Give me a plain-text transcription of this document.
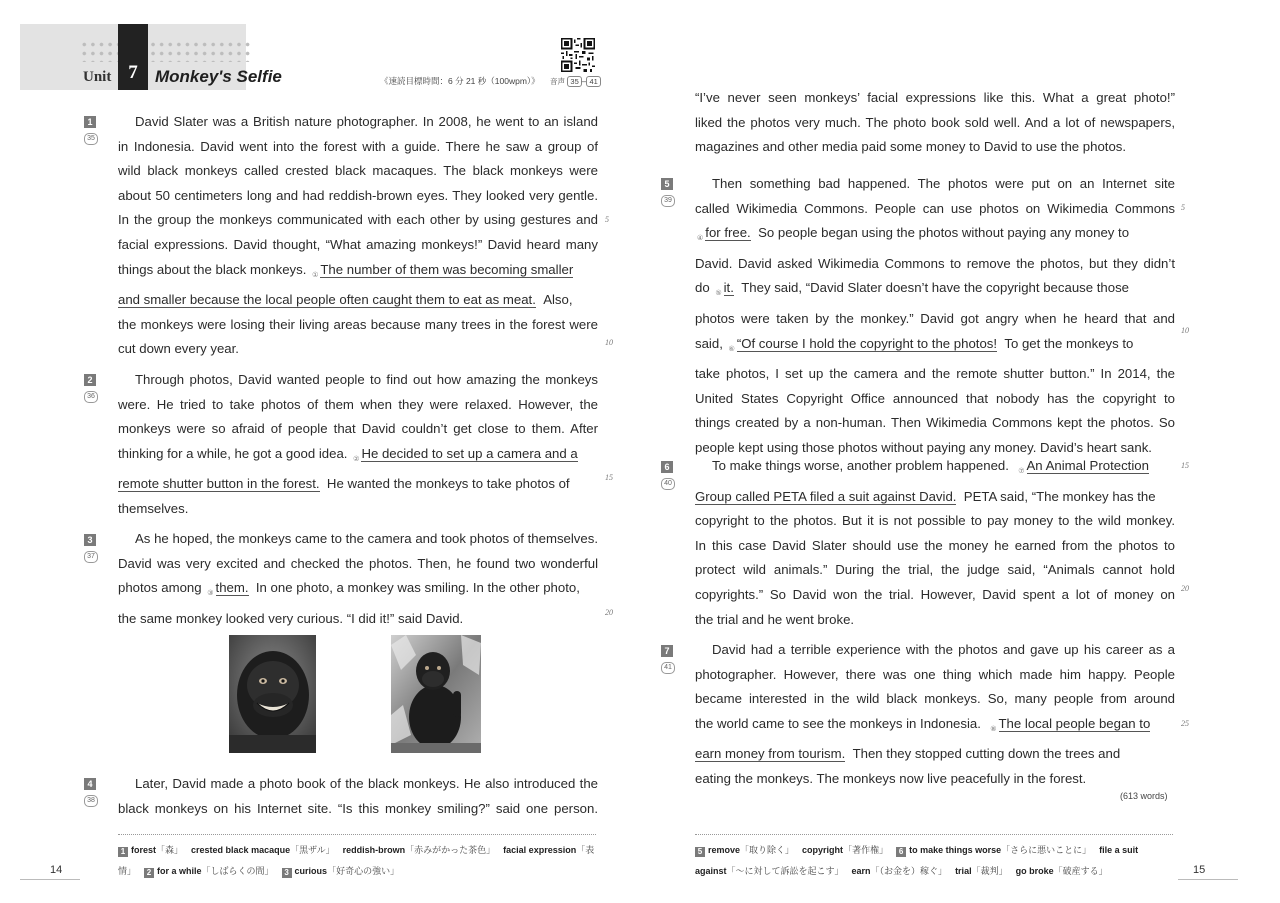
Unit 7	Monkey's Selfie	《速読目標時間：6 分 21 秒（100wpm）》 音声 35 – 41
1
35
David Slater was a British nature photographer. In 2008, he went to an island
in Indonesia. David went into the forest with a guide. There he saw a group of
wild black monkeys called crested black macaques. The black monkeys were
about 50 centimeters long and had reddish-brown eyes. They looked very gentle.
In the group the monkeys communicated with each other by using gestures and
facial expressions. David thought, “What amazing monkeys!” David heard many
things about the black monkeys. $_①$ The number of them was becoming smaller
and smaller because the local people often caught them to eat as meat. Also,
the monkeys were losing their living areas because many trees in the forest were
cut down every year.
5
10
2
36
Through photos, David wanted people to find out how amazing the monkeys
were. He tried to take photos of them when they were relaxed. However, the
monkeys were so afraid of people that David couldn’t get close to them. After
thinking for a while, he got a good idea. $_②$ He decided to set up a camera and a
remote shutter button in the forest. He wanted the monkeys to take photos of
themselves.
15
3
37
As he hoped, the monkeys came to the camera and took photos of themselves.
David was very excited and checked the photos. Then, he found two wonderful
photos among $_③$ them. In one photo, a monkey was smiling. In the other photo,
the same monkey looked very curious. “I did it!” said David.	20
4
38
Later, David made a photo book of the black monkeys. He also introduced the
black monkeys on his Internet site. “Is this monkey smiling?” said one person.
1 forest「森」 crested black macaque「黒ザル」 reddish-brown「赤みがかった茶色」 facial expression「表
情」 2 for a while「しばらくの間」 3 curious「好奇心の強い」
14
“I’ve never seen monkeys’ facial expressions like this. What a great photo!”
liked the photos very much. The photo book sold well. And a lot of newspapers,
magazines and other media paid some money to David to use the photos.
5
39
Then something bad happened. The photos were put on an Internet site
called Wikimedia Commons. People can use photos on Wikimedia Commons
$_④$ for free. So people began using the photos without paying any money to
David. David asked Wikimedia Commons to remove the photos, but they didn’t
do $_⑤$ it. They said, “David Slater doesn’t have the copyright because those
photos were taken by the monkey.” David got angry when he heard that and
said, $_⑥$ “Of course I hold the copyright to the photos! To get the monkeys to
take photos, I set up the camera and the remote shutter button.” In 2014, the
United States Copyright Office announced that nobody has the copyright to
things created by a non-human. Then Wikimedia Commons kept the photos. So
people kept using those photos without paying any money. David’s heart sank.
5
10
6
40
To make things worse, another problem happened. $_⑦$ An Animal Protection
Group called PETA filed a suit against David. PETA said, “The monkey has the
copyright to the photos. But it is not possible to pay money to the wild monkey.
In this case David Slater should use the money he earned from the photos to
protect wild animals.” During the trial, the judge said, “Animals cannot hold
copyrights.” So David won the trial. However, David spent a lot of money on
the trial and he went broke.
15
20
7
41
David had a terrible experience with the photos and gave up his career as a
photographer. However, there was one thing which made him happy. People
became interested in the wild black monkeys. So, many people from around
the world came to see the monkeys in Indonesia. $_⑧$ The local people began to
earn money from tourism. Then they stopped cutting down the trees and
eating the monkeys. The monkeys now live peacefully in the forest.
25
(613 words)
5 remove「取り除く」 copyright「著作権」 6 to make things worse「さらに悪いことに」 file a suit
against「～に対して訴訟を起こす」 earn「（お金を）稼ぐ」 trial「裁判」 go broke「破産する」	15
